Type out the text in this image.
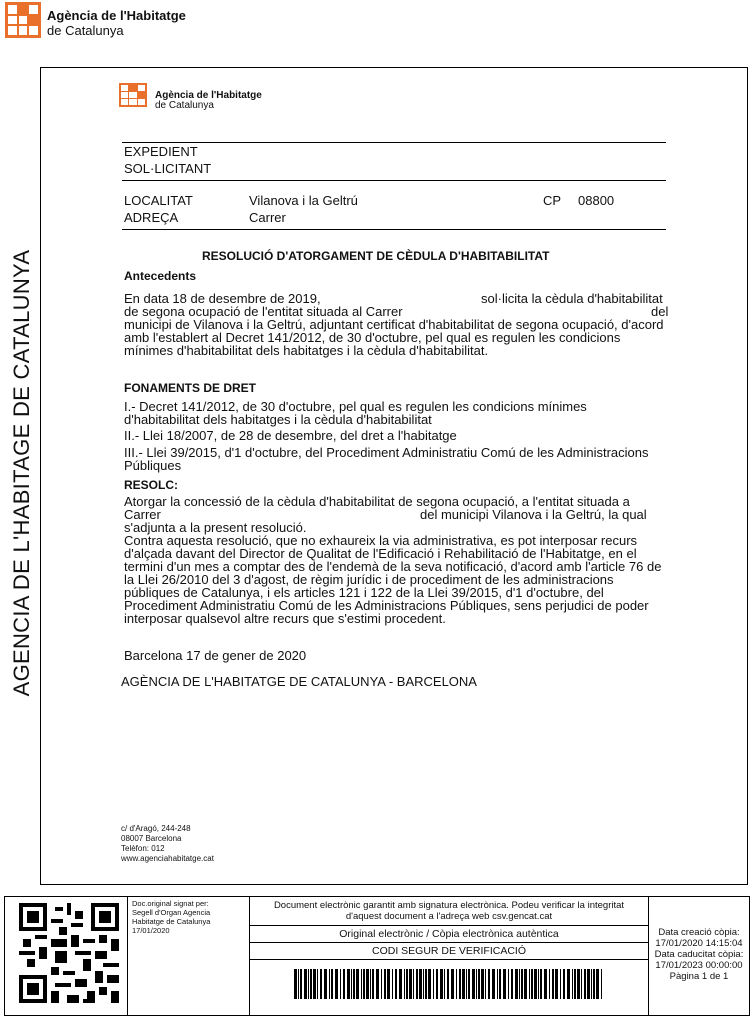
Agència de l'Habitatge
de Catalunya
AGENCIA DE L'HABITAGE DE CATALUNYA
Agència de l'Habitatge
de Catalunya
EXPEDIENT
SOL·LICITANT
LOCALITAT	Vilanova i la Geltrú	CP 08800
ADREÇA	Carrer
RESOLUCIÓ D'ATORGAMENT DE CÈDULA D'HABITABILITAT
Antecedents
En data 18 de desembre de 2019,	sol·licita la cèdula d'habitabilitat
de segona ocupació de l'entitat situada al Carrer	del
municipi de Vilanova i la Geltrú, adjuntant certificat d'habitabilitat de segona ocupació, d'acord
amb l'establert al Decret 141/2012, de 30 d'octubre, pel qual es regulen les condicions
mínimes d'habitabilitat dels habitatges i la cèdula d'habitabilitat.
FONAMENTS DE DRET
I.- Decret 141/2012, de 30 d'octubre, pel qual es regulen les condicions mínimes
d'habitabilitat dels habitatges i la cèdula d'habitabilitat
II.- Llei 18/2007, de 28 de desembre, del dret a l'habitatge
III.- Llei 39/2015, d'1 d'octubre, del Procediment Administratiu Comú de les Administracions
Públiques
RESOLC:
Atorgar la concessió de la cèdula d'habitabilitat de segona ocupació, a l'entitat situada a
Carrer	del municipi Vilanova i la Geltrú, la qual
s'adjunta a la present resolució.
Contra aquesta resolució, que no exhaureix la via administrativa, es pot interposar recurs
d'alçada davant del Director de Qualitat de l'Edificació i Rehabilitació de l'Habitatge, en el
termini d'un mes a comptar des de l'endemà de la seva notificació, d'acord amb l'article 76 de
la Llei 26/2010 del 3 d'agost, de règim jurídic i de procediment de les administracions
públiques de Catalunya, i els articles 121 i 122 de la Llei 39/2015, d'1 d'octubre, del
Procediment Administratiu Comú de les Administracions Públiques, sens perjudici de poder
interposar qualsevol altre recurs que s'estimi procedent.
Barcelona 17 de gener de 2020
AGÈNCIA DE L'HABITATGE DE CATALUNYA - BARCELONA
c/ d'Aragó, 244-248
08007 Barcelona
Telèfon: 012
www.agenciahabitatge.cat
Doc.original signat per:
Segell d'Organ Agencia
Habitatge de Catalunya
17/01/2020
Document electrònic garantit amb signatura electrònica. Podeu verificar la integritat
d'aquest document a l'adreça web csv.gencat.cat
Original electrònic / Còpia electrònica autèntica
CODI SEGUR DE VERIFICACIÓ
Data creació còpia:
17/01/2020 14:15:04
Data caducitat còpia:
17/01/2023 00:00:00
Pàgina 1 de 1
